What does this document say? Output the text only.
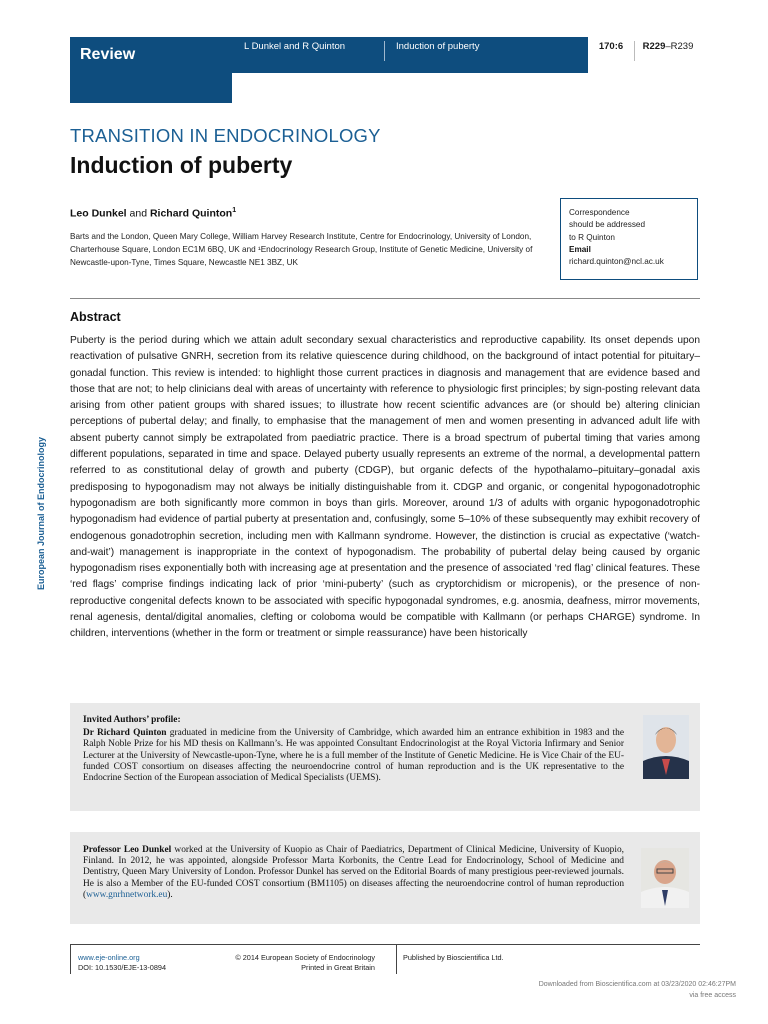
Review	L Dunkel and R Quinton	Induction of puberty	170:6	R229–R239
TRANSITION IN ENDOCRINOLOGY
Induction of puberty
Leo Dunkel and Richard Quinton$^1$
Barts and the London, Queen Mary College, William Harvey Research Institute, Centre for Endocrinology, University of London, Charterhouse Square, London EC1M 6BQ, UK and ¹Endocrinology Research Group, Institute of Genetic Medicine, University of Newcastle-upon-Tyne, Times Square, Newcastle NE1 3BZ, UK
Correspondence
should be addressed
to R Quinton
Email
richard.quinton@ncl.ac.uk
Abstract
Puberty is the period during which we attain adult secondary sexual characteristics and reproductive capability. Its onset depends upon reactivation of pulsative GNRH, secretion from its relative quiescence during childhood, on the background of intact potential for pituitary–gonadal function. This review is intended: to highlight those current practices in diagnosis and management that are evidence based and those that are not; to help clinicians deal with areas of uncertainty with reference to physiologic first principles; by sign-posting relevant data arising from other patient groups with shared issues; to illustrate how recent scientific advances are (or should be) altering clinician perceptions of pubertal delay; and finally, to emphasise that the management of men and women presenting in advanced adult life with absent puberty cannot simply be extrapolated from paediatric practice. There is a broad spectrum of pubertal timing that varies among different populations, separated in time and space. Delayed puberty usually represents an extreme of the normal, a developmental pattern referred to as constitutional delay of growth and puberty (CDGP), but organic defects of the hypothalamo–pituitary–gonadal axis predisposing to hypogonadism may not always be initially distinguishable from it. CDGP and organic, or congenital hypogonadotrophic hypogonadism are both significantly more common in boys than girls. Moreover, around 1/3 of adults with organic hypogonadotrophic hypogonadism had evidence of partial puberty at presentation and, confusingly, some 5–10% of these subsequently may exhibit recovery of endogenous gonadotrophin secretion, including men with Kallmann syndrome. However, the distinction is crucial as expectative (‘watch-and-wait’) management is inappropriate in the context of hypogonadism. The probability of pubertal delay being caused by organic hypogonadism rises exponentially both with increasing age at presentation and the presence of associated ‘red flag’ clinical features. These ‘red flags’ comprise findings indicating lack of prior ‘mini-puberty’ (such as cryptorchidism or micropenis), or the presence of non-reproductive congenital defects known to be associated with specific hypogonadal syndromes, e.g. anosmia, deafness, mirror movements, renal agenesis, dental/digital anomalies, clefting or coloboma would be compatible with Kallmann (or perhaps CHARGE) syndrome. In children, interventions (whether in the form or treatment or simple reassurance) have been historically
European Journal of Endocrinology
Invited Authors’ profile:
Dr Richard Quinton graduated in medicine from the University of Cambridge, which awarded him an entrance exhibition in 1983 and the Ralph Noble Prize for his MD thesis on Kallmann’s. He was appointed Consultant Endocrinologist at the Royal Victoria Infirmary and Senior Lecturer at the University of Newcastle-upon-Tyne, where he is a full member of the Institute of Genetic Medicine. He is Vice Chair of the EU-funded COST consortium on diseases affecting the neuroendocrine control of human reproduction and is the UK representative to the Endocrine Section of the European association of Medical Specialists (UEMS).
Professor Leo Dunkel worked at the University of Kuopio as Chair of Paediatrics, Department of Clinical Medicine, University of Kuopio, Finland. In 2012, he was appointed, alongside Professor Marta Korbonits, the Centre Lead for Endocrinology, School of Medicine and Dentistry, Queen Mary University of London. Professor Dunkel has served on the Editorial Boards of many prestigious peer-reviewed journals. He is also a Member of the EU-funded COST consortium (BM1105) on diseases affecting the neuroendocrine control of human reproduction (www.gnrhnetwork.eu).
www.eje-online.org
DOI: 10.1530/EJE-13-0894
© 2014 European Society of Endocrinology
Printed in Great Britain
Published by Bioscientifica Ltd.
Downloaded from Bioscientifica.com at 03/23/2020 02:46:27PM
via free access
